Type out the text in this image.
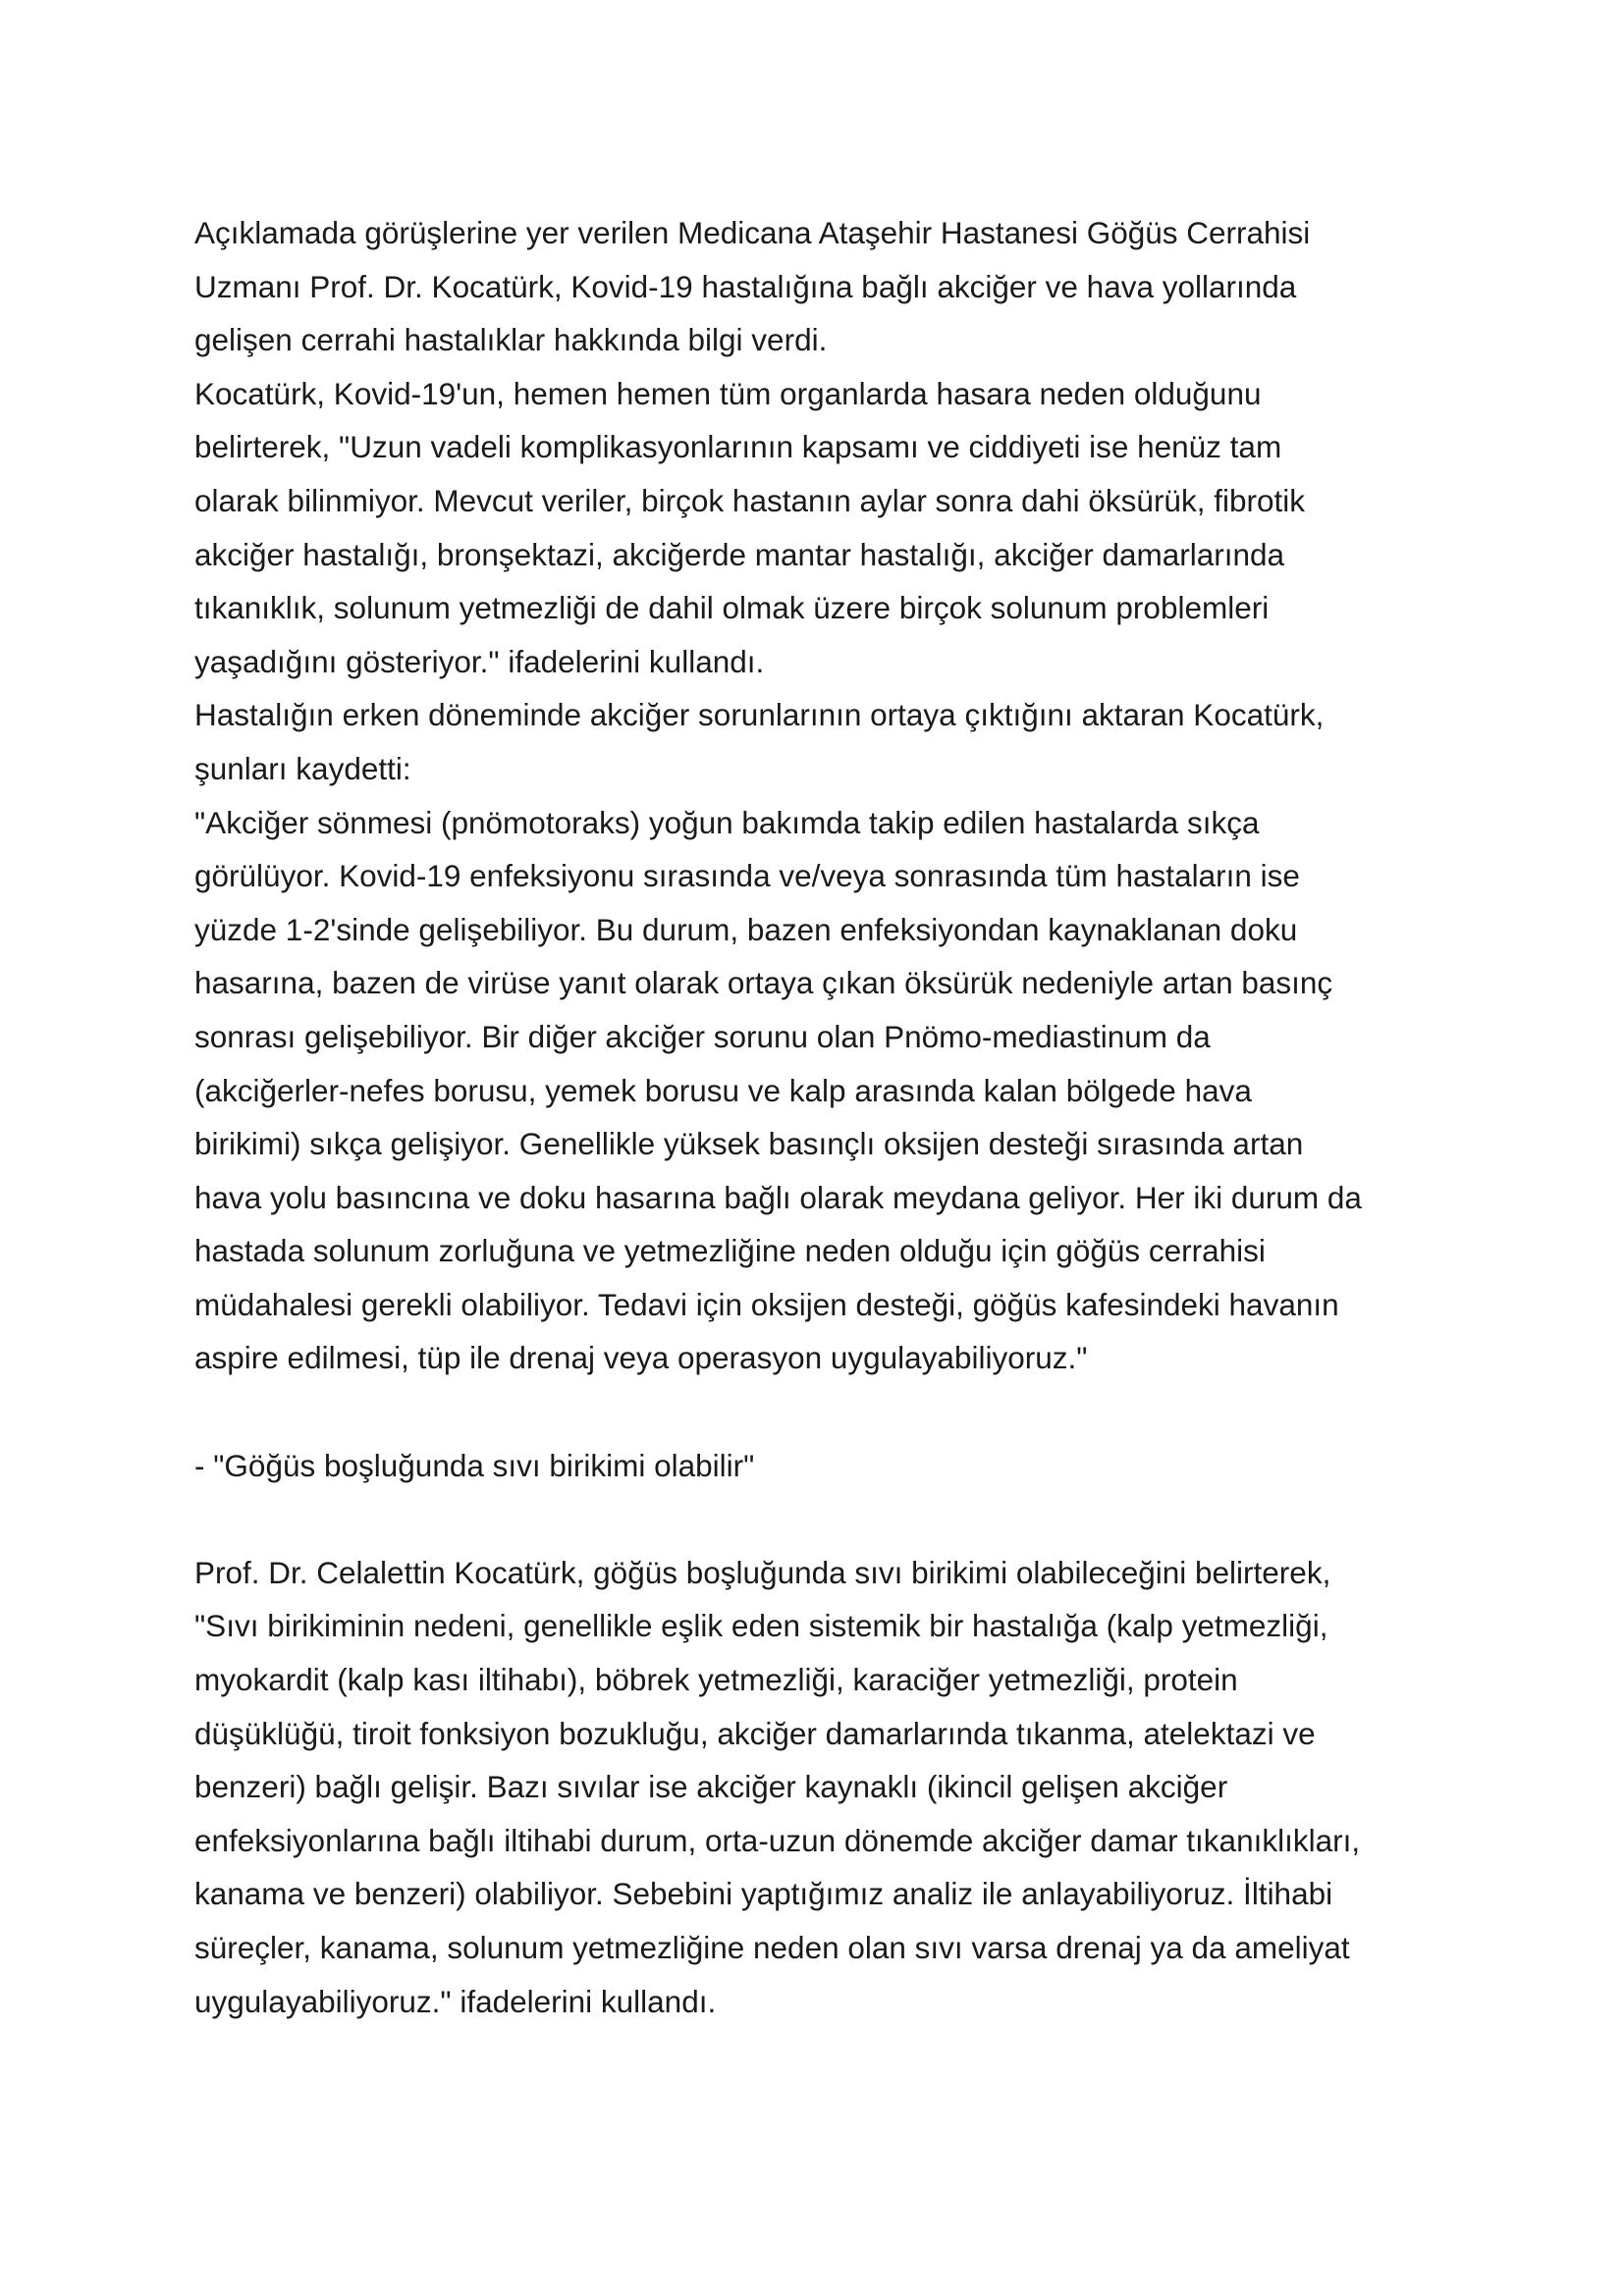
Açıklamada görüşlerine yer verilen Medicana Ataşehir Hastanesi Göğüs Cerrahisi
Uzmanı Prof. Dr. Kocatürk, Kovid-19 hastalığına bağlı akciğer ve hava yollarında
gelişen cerrahi hastalıklar hakkında bilgi verdi.
Kocatürk, Kovid-19'un, hemen hemen tüm organlarda hasara neden olduğunu
belirterek, "Uzun vadeli komplikasyonlarının kapsamı ve ciddiyeti ise henüz tam
olarak bilinmiyor. Mevcut veriler, birçok hastanın aylar sonra dahi öksürük, fibrotik
akciğer hastalığı, bronşektazi, akciğerde mantar hastalığı, akciğer damarlarında
tıkanıklık, solunum yetmezliği de dahil olmak üzere birçok solunum problemleri
yaşadığını gösteriyor." ifadelerini kullandı.
Hastalığın erken döneminde akciğer sorunlarının ortaya çıktığını aktaran Kocatürk,
şunları kaydetti:
"Akciğer sönmesi (pnömotoraks) yoğun bakımda takip edilen hastalarda sıkça
görülüyor. Kovid-19 enfeksiyonu sırasında ve/veya sonrasında tüm hastaların ise
yüzde 1-2'sinde gelişebiliyor. Bu durum, bazen enfeksiyondan kaynaklanan doku
hasarına, bazen de virüse yanıt olarak ortaya çıkan öksürük nedeniyle artan basınç
sonrası gelişebiliyor. Bir diğer akciğer sorunu olan Pnömo-mediastinum da
(akciğerler-nefes borusu, yemek borusu ve kalp arasında kalan bölgede hava
birikimi) sıkça gelişiyor. Genellikle yüksek basınçlı oksijen desteği sırasında artan
hava yolu basıncına ve doku hasarına bağlı olarak meydana geliyor. Her iki durum da
hastada solunum zorluğuna ve yetmezliğine neden olduğu için göğüs cerrahisi
müdahalesi gerekli olabiliyor. Tedavi için oksijen desteği, göğüs kafesindeki havanın
aspire edilmesi, tüp ile drenaj veya operasyon uygulayabiliyoruz."
- "Göğüs boşluğunda sıvı birikimi olabilir"
Prof. Dr. Celalettin Kocatürk, göğüs boşluğunda sıvı birikimi olabileceğini belirterek,
"Sıvı birikiminin nedeni, genellikle eşlik eden sistemik bir hastalığa (kalp yetmezliği,
myokardit (kalp kası iltihabı), böbrek yetmezliği, karaciğer yetmezliği, protein
düşüklüğü, tiroit fonksiyon bozukluğu, akciğer damarlarında tıkanma, atelektazi ve
benzeri) bağlı gelişir. Bazı sıvılar ise akciğer kaynaklı (ikincil gelişen akciğer
enfeksiyonlarına bağlı iltihabi durum, orta-uzun dönemde akciğer damar tıkanıklıkları,
kanama ve benzeri) olabiliyor. Sebebini yaptığımız analiz ile anlayabiliyoruz. İltihabi
süreçler, kanama, solunum yetmezliğine neden olan sıvı varsa drenaj ya da ameliyat
uygulayabiliyoruz." ifadelerini kullandı.
